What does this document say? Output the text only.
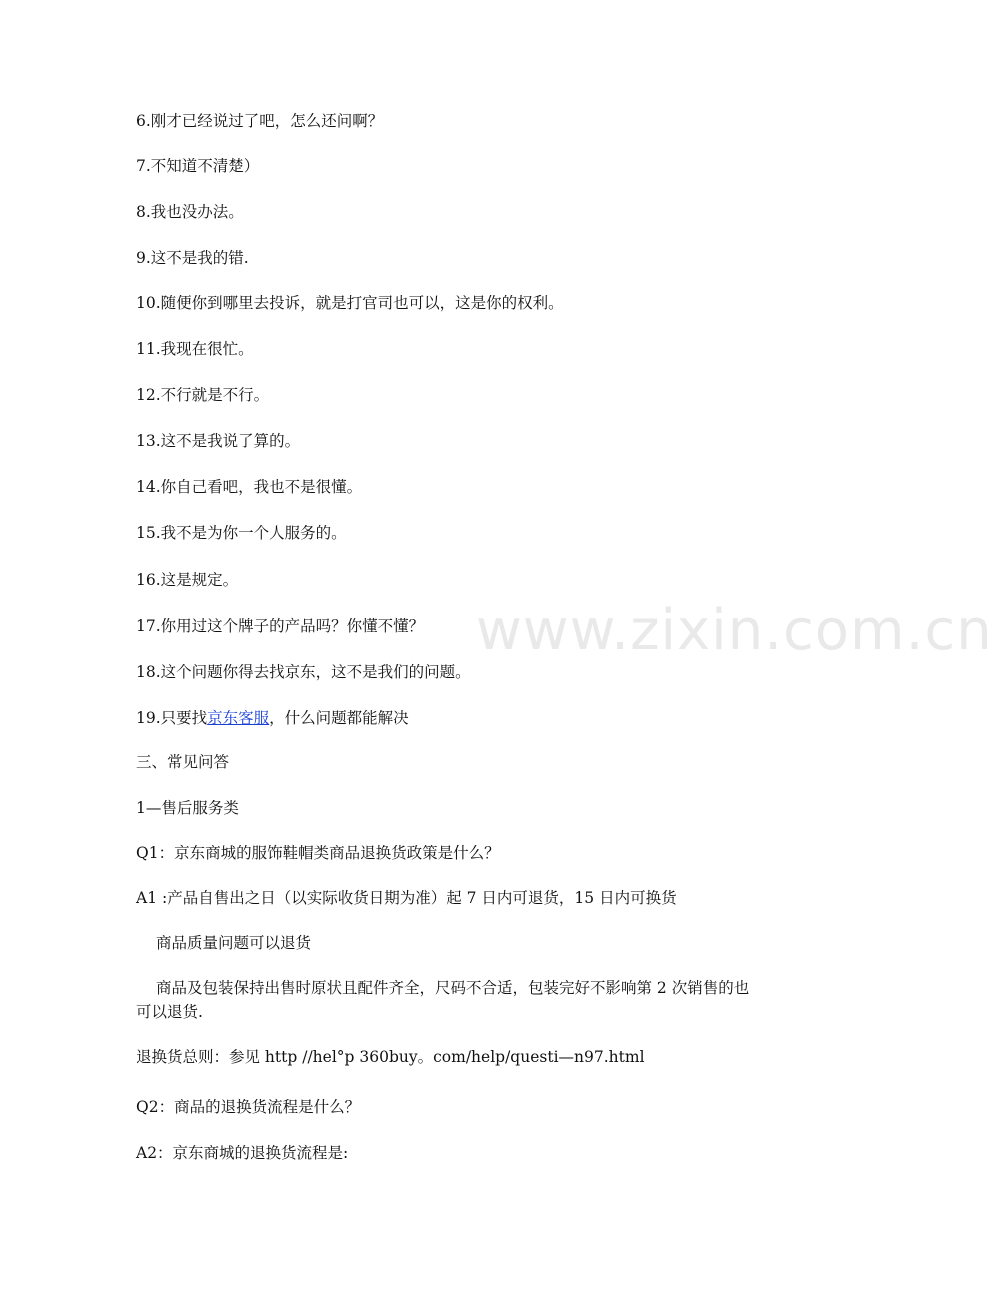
www.zixin.com.cn
6.刚才已经说过了吧，怎么还问啊？
7.不知道不清楚）
8.我也没办法。
9.这不是我的错.
10.随便你到哪里去投诉，就是打官司也可以，这是你的权利。
11.我现在很忙。
12.不行就是不行。
13.这不是我说了算的。
14.你自己看吧，我也不是很懂。
15.我不是为你一个人服务的。
16.这是规定。
17.你用过这个牌子的产品吗？你懂不懂？
18.这个问题你得去找京东，这不是我们的问题。
19.只要找京东客服，什么问题都能解决
三、常见问答
1—售后服务类
Q1：京东商城的服饰鞋帽类商品退换货政策是什么？
A1 :产品自售出之日（以实际收货日期为准）起 7 日内可退货，15 日内可换货
商品质量问题可以退货
商品及包装保持出售时原状且配件齐全，尺码不合适，包装完好不影响第 2 次销售的也
可以退货.
退换货总则：参见 http //hel°p 360buy。com/help/questi—n97.html
Q2：商品的退换货流程是什么？
A2：京东商城的退换货流程是:
